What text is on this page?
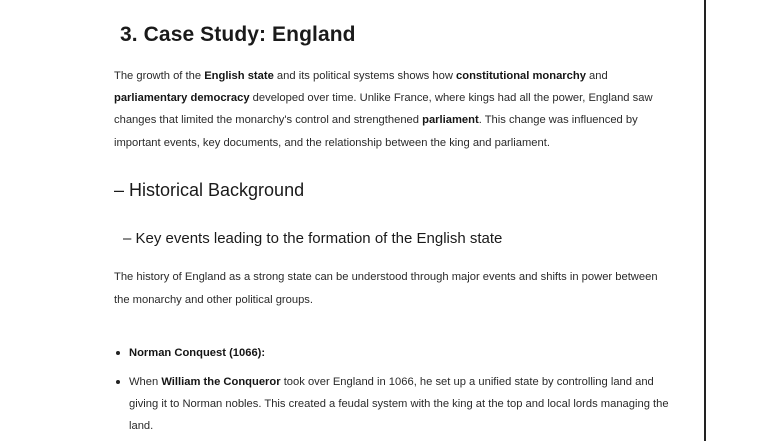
3. Case Study: England

The growth of the English state and its political systems shows how constitutional monarchy and parliamentary democracy developed over time. Unlike France, where kings had all the power, England saw changes that limited the monarchy's control and strengthened parliament. This change was influenced by important events, key documents, and the relationship between the king and parliament.

– Historical Background
– Key events leading to the formation of the English state

The history of England as a strong state can be understood through major events and shifts in power between the monarchy and other political groups.

Norman Conquest (1066):
When William the Conqueror took over England in 1066, he set up a unified state by controlling land and giving it to Norman nobles. This created a feudal system with the king at the top and local lords managing the land.
